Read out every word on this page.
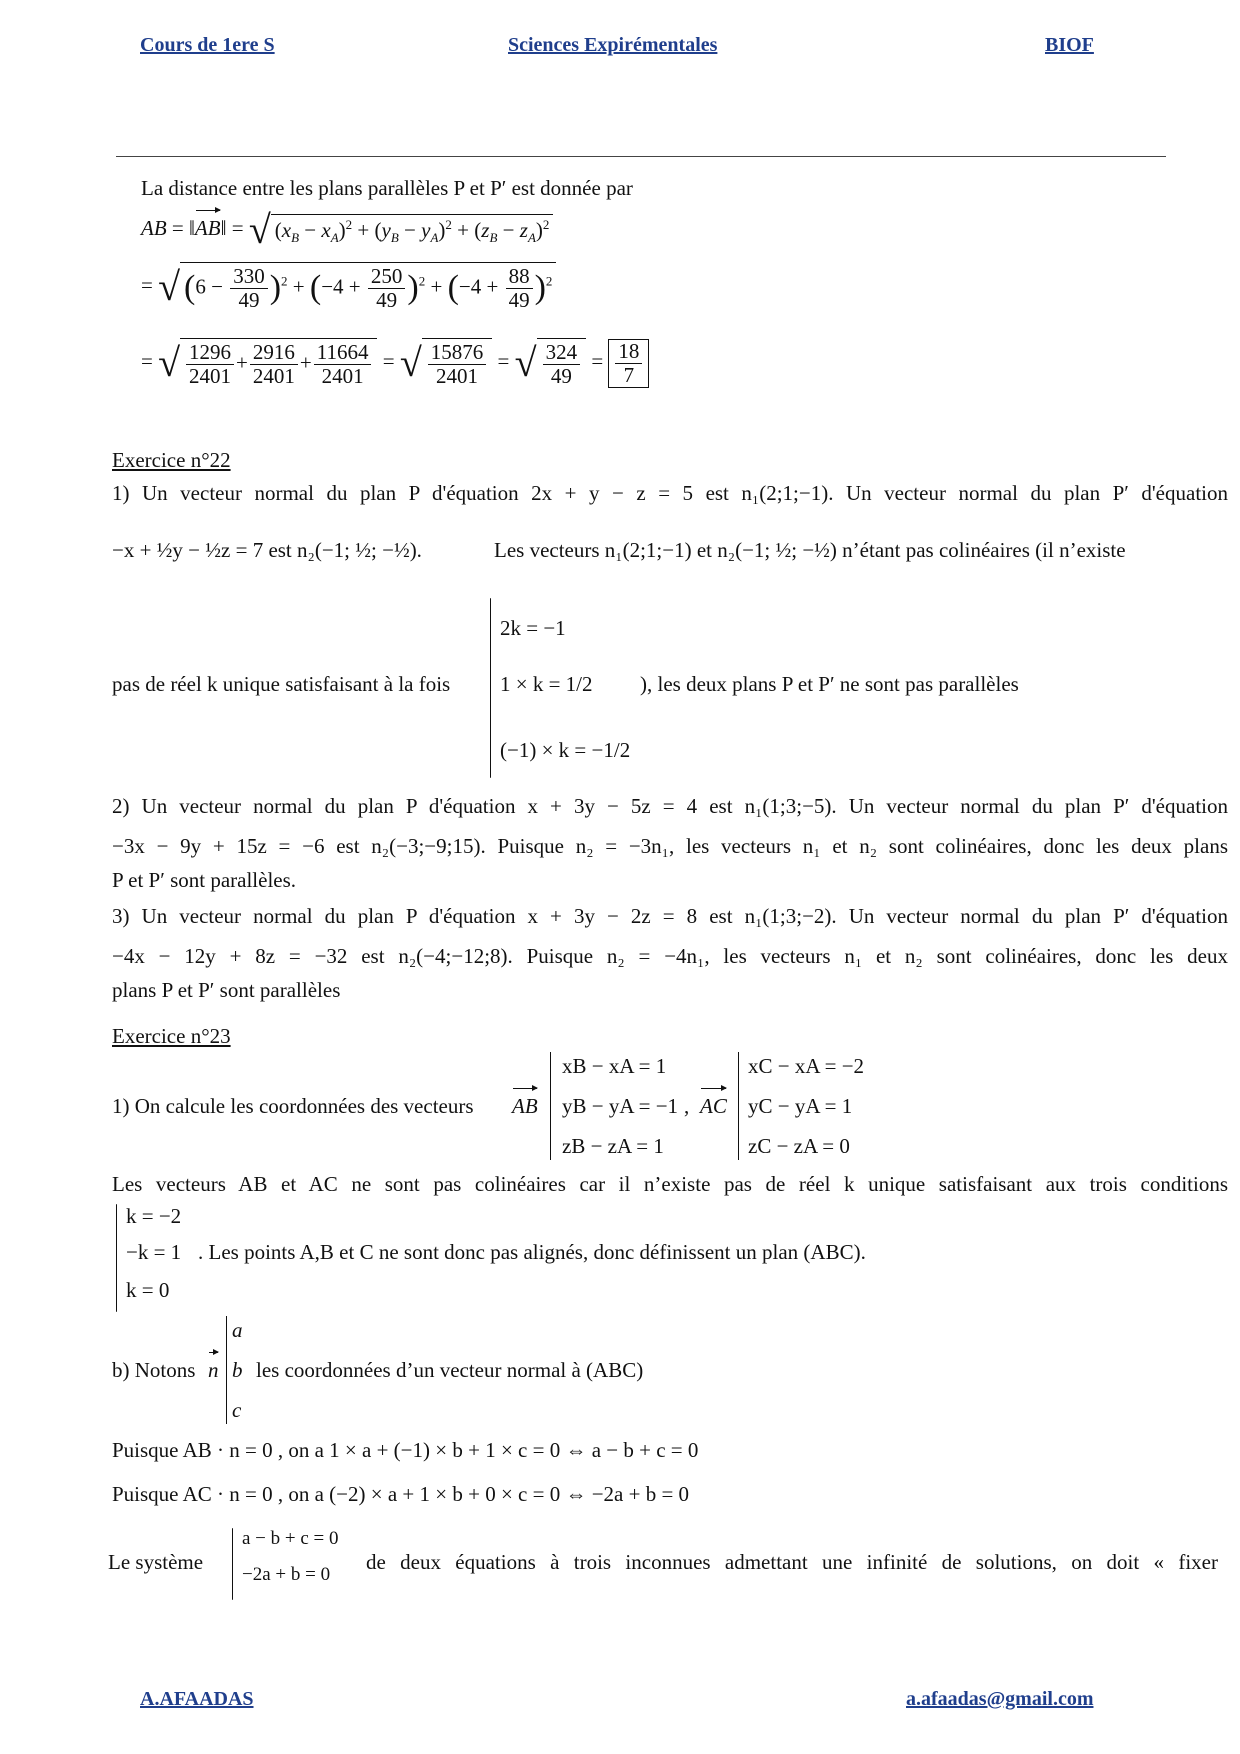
Cours de 1ere S	Sciences Expirémentales	BIOF
La distance entre les plans parallèles P et P′ est donnée par
AB = ‖AB‖ = √ $(x_B - x_A)^2 + (y_B - y_A)^2 + (z_B - z_A)^2$
= √ $(6 - \frac{330}{49} )^2 + (-4 + \frac{250}{49} )^2 + (-4 + \frac{88}{49} )^2$
= √ $\frac{1296}{2401} + \frac{2916}{2401} + \frac{11664}{2401}$ = √ $\frac{15876}{2401}$ = √ $\frac{324}{49} = \frac{18}{7}$
Exercice n°22
1) Un vecteur normal du plan P d'équation 2x + y − z = 5 est n₁(2;1;−1). Un vecteur normal du plan P′ d'équation
−x + ½y − ½z = 7 est n₂(−1; ½; −½).	Les vecteurs n₁(2;1;−1) et n₂(−1; ½; −½) n’étant pas colinéaires (il n’existe
pas de réel k unique satisfaisant à la fois
2k = −1
1 × k = 1/2
(−1) × k = −1/2
), les deux plans P et P′ ne sont pas parallèles
2) Un vecteur normal du plan P d'équation x + 3y − 5z = 4 est n₁(1;3;−5). Un vecteur normal du plan P′ d'équation
−3x − 9y + 15z = −6 est n₂(−3;−9;15). Puisque n₂ = −3n₁, les vecteurs n₁ et n₂ sont colinéaires, donc les deux plans
P et P′ sont parallèles.
3) Un vecteur normal du plan P d'équation x + 3y − 2z = 8 est n₁(1;3;−2). Un vecteur normal du plan P′ d'équation
−4x − 12y + 8z = −32 est n₂(−4;−12;8). Puisque n₂ = −4n₁, les vecteurs n₁ et n₂ sont colinéaires, donc les deux
plans P et P′ sont parallèles
Exercice n°23
1) On calcule les coordonnées des vecteurs AB
xB − xA = 1
yB − yA = −1
zB − zA = 1
, AC
xC − xA = −2
yC − yA = 1
zC − zA = 0
Les vecteurs AB et AC ne sont pas colinéaires car il n’existe pas de réel k unique satisfaisant aux trois conditions
k = −2
−k = 1
k = 0
. Les points A,B et C ne sont donc pas alignés, donc définissent un plan (ABC).
b) Notons n
a
b
c
les coordonnées d’un vecteur normal à (ABC)
Puisque AB · n = 0 , on a 1 × a + (−1) × b + 1 × c = 0 ⇔ a − b + c = 0
Puisque AC · n = 0 , on a (−2) × a + 1 × b + 0 × c = 0 ⇔ −2a + b = 0
Le système
a − b + c = 0
−2a + b = 0
de deux équations à trois inconnues admettant une infinité de solutions, on doit « fixer
A.AFAADAS	a.afaadas@gmail.com
